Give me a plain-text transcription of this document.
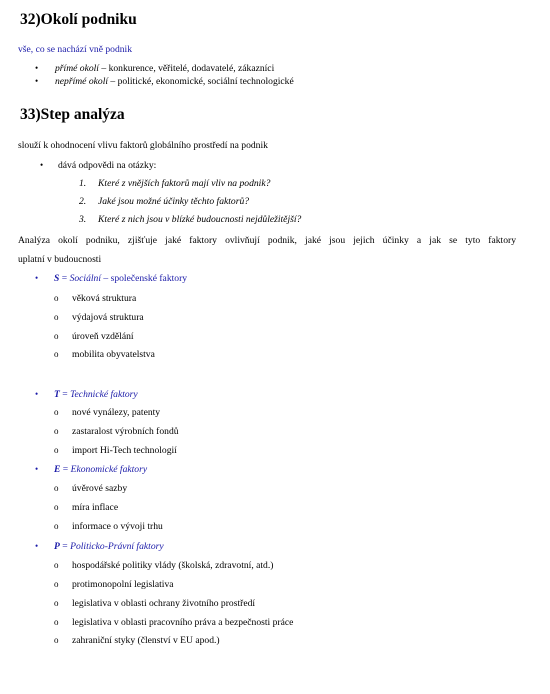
32)Okolí podniku
vše, co se nachází vně podnik
• přímé okolí – konkurence, věřitelé, dodavatelé, zákazníci
• nepřímé okolí – politické, ekonomické, sociální technologické
33)Step analýza
slouží k ohodnocení vlivu faktorů globálního prostředí na podnik
• dává odpovědi na otázky:
1. Které z vnějších faktorů mají vliv na podnik?
2. Jaké jsou možné účinky těchto faktorů?
3. Které z nich jsou v blízké budoucnosti nejdůležitější?
Analýza okolí podniku, zjišťuje jaké faktory ovlivňují podnik, jaké jsou jejich účinky a jak se tyto faktory
uplatní v budoucnosti
• S = Sociální – společenské faktory
o věková struktura
o výdajová struktura
o úroveň vzdělání
o mobilita obyvatelstva
• T = Technické faktory
o nové vynálezy, patenty
o zastaralost výrobních fondů
o import Hi-Tech technologií
• E = Ekonomické faktory
o úvěrové sazby
o míra inflace
o informace o vývoji trhu
• P = Politicko-Právní faktory
o hospodářské politiky vlády (školská, zdravotní, atd.)
o protimonopolní legislativa
o legislativa v oblasti ochrany životního prostředí
o legislativa v oblasti pracovního práva a bezpečnosti práce
o zahraniční styky (členství v EU apod.)
